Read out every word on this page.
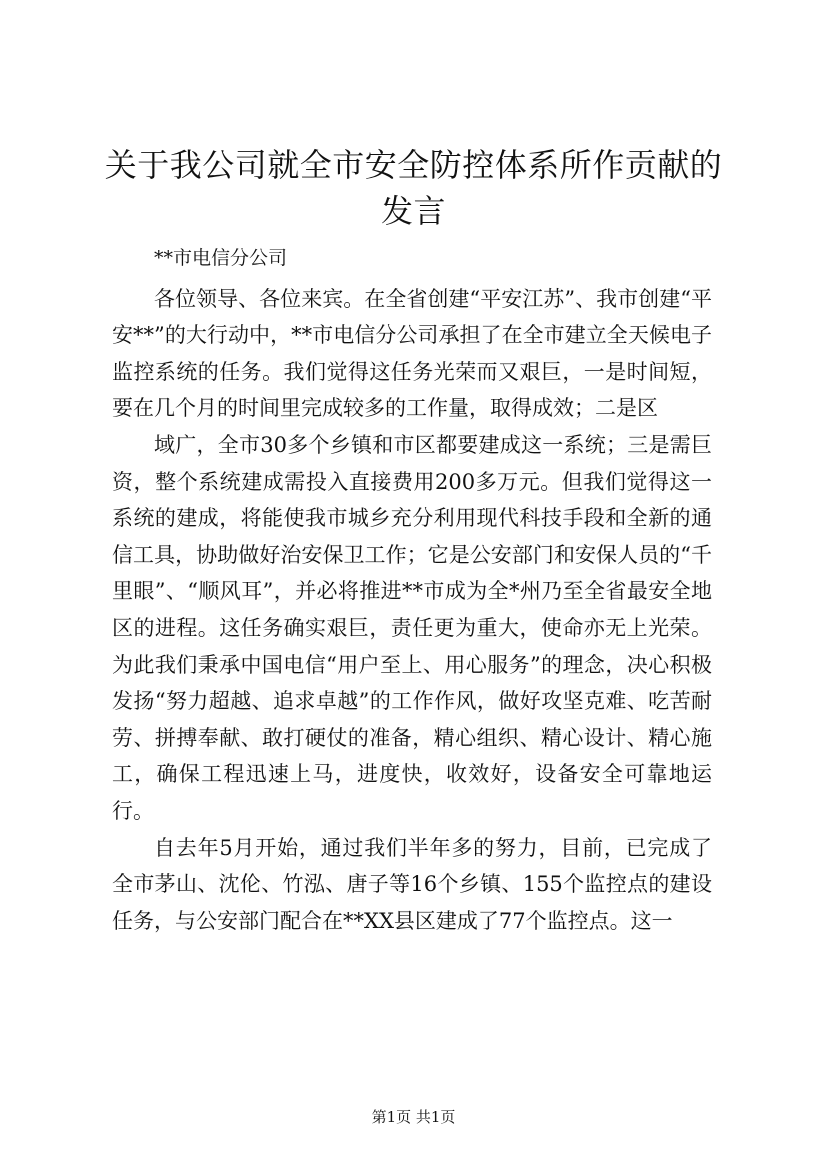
关于我公司就全市安全防控体系所作贡献的发言

**市电信分公司

各位领导、各位来宾。在全省创建“平安江苏”、我市创建“平安**”的大行动中，**市电信分公司承担了在全市建立全天候电子监控系统的任务。我们觉得这任务光荣而又艰巨，一是时间短，要在几个月的时间里完成较多的工作量，取得成效；二是区

域广，全市30多个乡镇和市区都要建成这一系统；三是需巨资，整个系统建成需投入直接费用200多万元。但我们觉得这一系统的建成，将能使我市城乡充分利用现代科技手段和全新的通信工具，协助做好治安保卫工作；它是公安部门和安保人员的“千里眼”、“顺风耳”，并必将推进**市成为全*州乃至全省最安全地区的进程。这任务确实艰巨，责任更为重大，使命亦无上光荣。为此我们秉承中国电信“用户至上、用心服务”的理念，决心积极发扬“努力超越、追求卓越”的工作作风，做好攻坚克难、吃苦耐劳、拼搏奉献、敢打硬仗的准备，精心组织、精心设计、精心施工，确保工程迅速上马，进度快，收效好，设备安全可靠地运行。

自去年5月开始，通过我们半年多的努力，目前，已完成了全市茅山、沈伦、竹泓、唐子等16个乡镇、155个监控点的建设任务，与公安部门配合在**XX县区建成了77个监控点。这一

第1页 共1页
